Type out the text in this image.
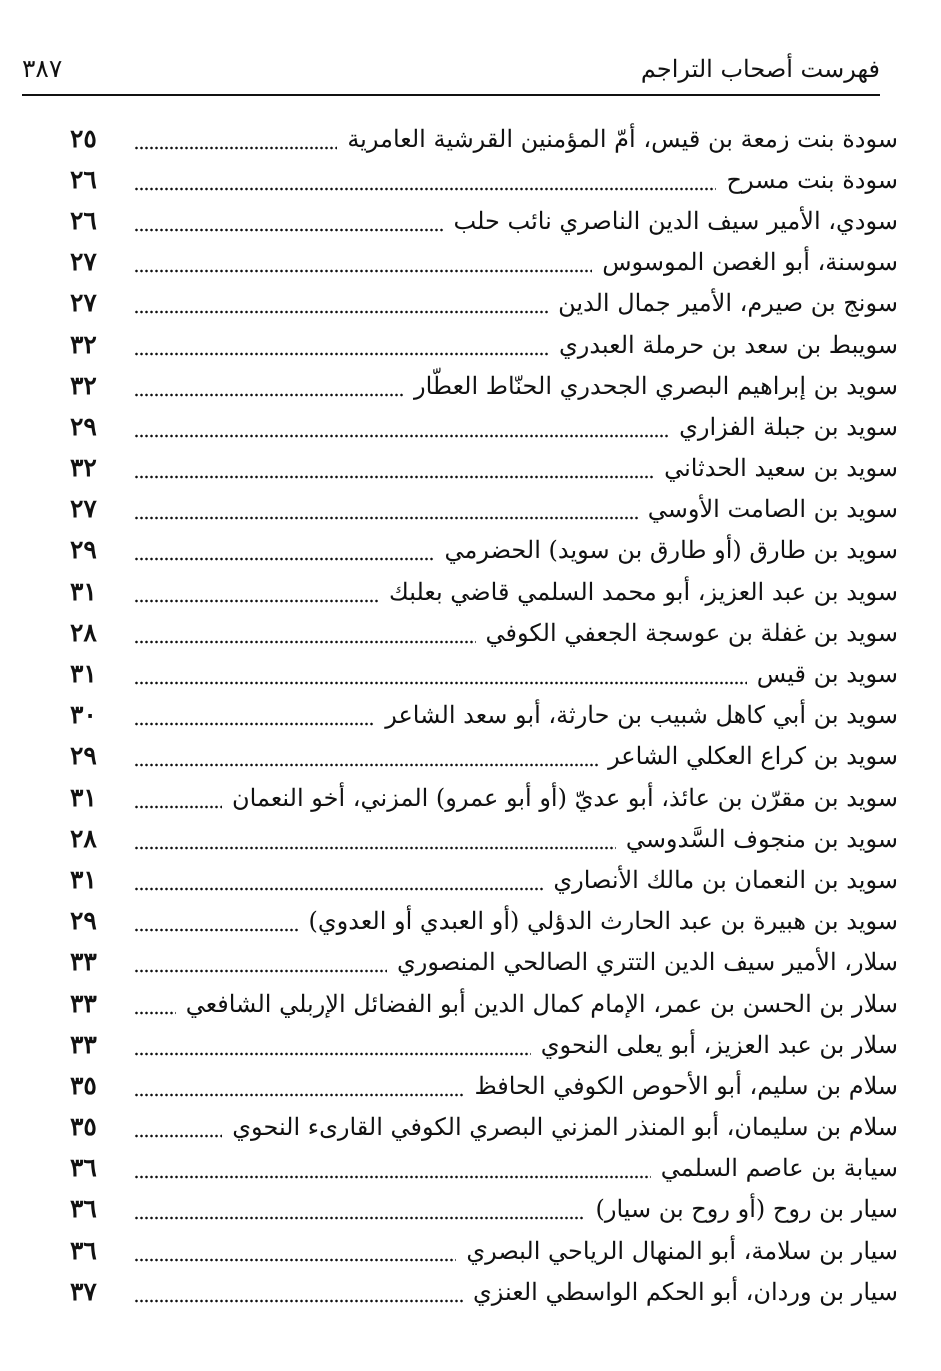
فهرست أصحاب التراجم
٣٨٧
سودة بنت زمعة بن قيس، أمّ المؤمنين القرشية العامرية
٢٥
سودة بنت مسرح
٢٦
سودي، الأمير سيف الدين الناصري نائب حلب
٢٦
سوسنة، أبو الغصن الموسوس
٢٧
سونج بن صيرم، الأمير جمال الدين
٢٧
سويبط بن سعد بن حرملة العبدري
٣٢
سويد بن إبراهيم البصري الجحدري الحنّاط العطّار
٣٢
سويد بن جبلة الفزاري
٢٩
سويد بن سعيد الحدثاني
٣٢
سويد بن الصامت الأوسي
٢٧
سويد بن طارق (أو طارق بن سويد) الحضرمي
٢٩
سويد بن عبد العزيز، أبو محمد السلمي قاضي بعلبك
٣١
سويد بن غفلة بن عوسجة الجعفي الكوفي
٢٨
سويد بن قيس
٣١
سويد بن أبي كاهل شبيب بن حارثة، أبو سعد الشاعر
٣٠
سويد بن كراع العكلي الشاعر
٢٩
سويد بن مقرّن بن عائذ، أبو عديّ (أو أبو عمرو) المزني، أخو النعمان
٣١
سويد بن منجوف السَّدوسي
٢٨
سويد بن النعمان بن مالك الأنصاري
٣١
سويد بن هبيرة بن عبد الحارث الدؤلي (أو العبدي أو العدوي)
٢٩
سلار، الأمير سيف الدين التتري الصالحي المنصوري
٣٣
سلار بن الحسن بن عمر، الإمام كمال الدين أبو الفضائل الإربلي الشافعي
٣٣
سلار بن عبد العزيز، أبو يعلى النحوي
٣٣
سلام بن سليم، أبو الأحوص الكوفي الحافظ
٣٥
سلام بن سليمان، أبو المنذر المزني البصري الكوفي القارىء النحوي
٣٥
سيابة بن عاصم السلمي
٣٦
سيار بن روح (أو روح بن سيار)
٣٦
سيار بن سلامة، أبو المنهال الرياحي البصري
٣٦
سيار بن وردان، أبو الحكم الواسطي العنزي
٣٧
